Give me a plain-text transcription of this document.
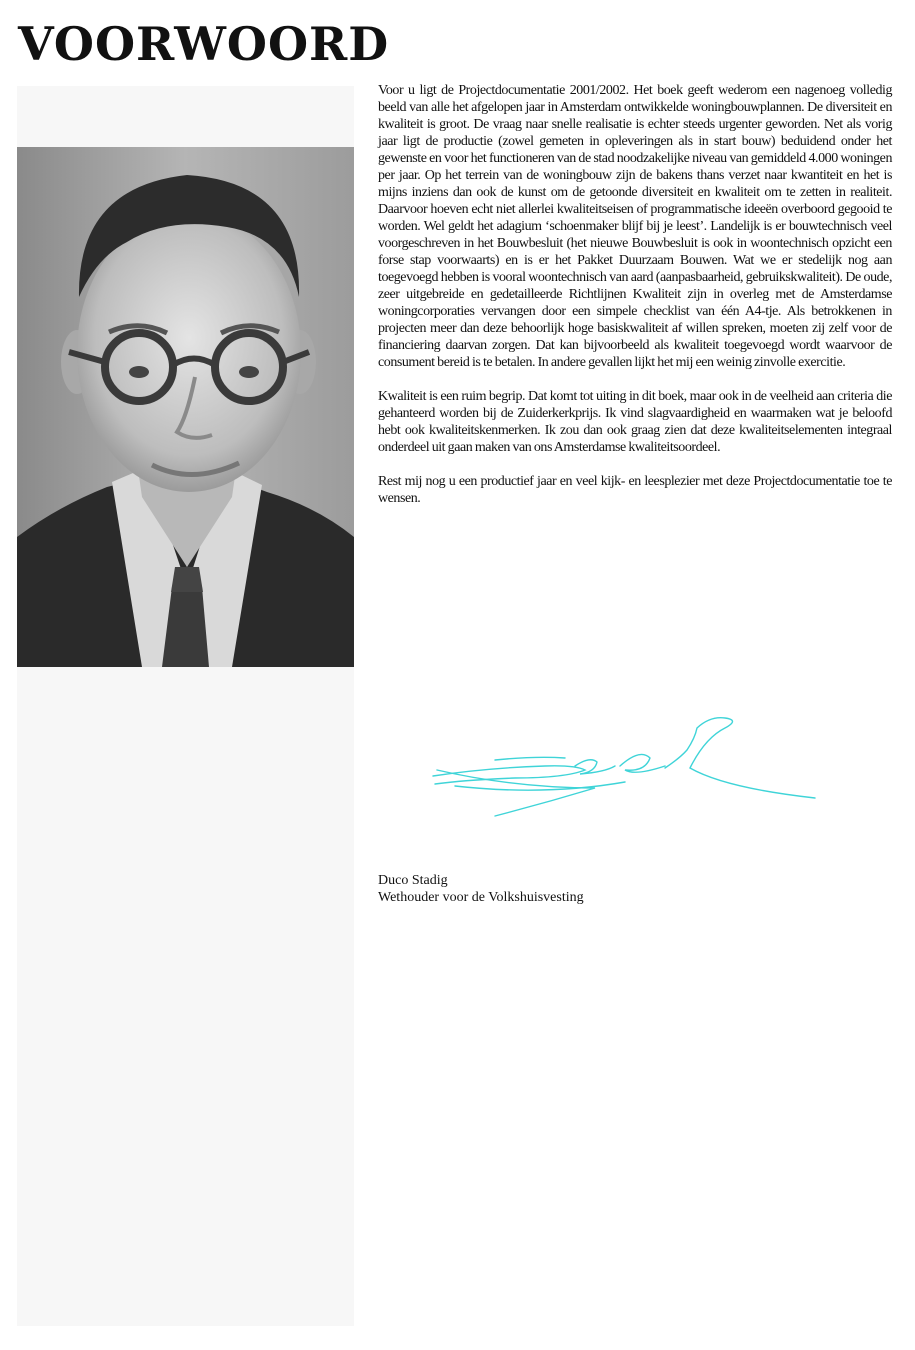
VOORWOORD

Voor u ligt de Projectdocumentatie 2001/2002. Het boek geeft wederom een nagenoeg volledig beeld van alle het afgelopen jaar in Amsterdam ontwikkelde woningbouwplannen. De diversiteit en kwaliteit is groot. De vraag naar snelle realisatie is echter steeds urgenter geworden. Net als vorig jaar ligt de productie (zowel gemeten in opleveringen als in start bouw) beduidend onder het gewenste en voor het functioneren van de stad noodzakelijke niveau van gemiddeld 4.000 woningen per jaar. Op het terrein van de woningbouw zijn de bakens thans verzet naar kwantiteit en het is mijns inziens dan ook de kunst om de getoonde diversiteit en kwaliteit om te zetten in realiteit. Daarvoor hoeven echt niet allerlei kwaliteitseisen of programmatische ideeën overboord gegooid te worden. Wel geldt het adagium ‘schoenmaker blijf bij je leest’. Landelijk is er bouwtechnisch veel voorgeschreven in het Bouwbesluit (het nieuwe Bouwbesluit is ook in woontechnisch opzicht een forse stap voorwaarts) en is er het Pakket Duurzaam Bouwen. Wat we er stedelijk nog aan toegevoegd hebben is vooral woontechnisch van aard (aanpasbaarheid, gebruikskwaliteit). De oude, zeer uitgebreide en gedetailleerde Richtlijnen Kwaliteit zijn in overleg met de Amsterdamse woningcorporaties vervangen door een simpele checklist van één A4-tje. Als betrokkenen in projecten meer dan deze behoorlijk hoge basiskwaliteit af willen spreken, moeten zij zelf voor de financiering daarvan zorgen. Dat kan bijvoorbeeld als kwaliteit toegevoegd wordt waarvoor de consument bereid is te betalen. In andere gevallen lijkt het mij een weinig zinvolle exercitie.

Kwaliteit is een ruim begrip. Dat komt tot uiting in dit boek, maar ook in de veelheid aan criteria die gehanteerd worden bij de Zuiderkerkprijs. Ik vind slagvaardigheid en waarmaken wat je beloofd hebt ook kwaliteitskenmerken. Ik zou dan ook graag zien dat deze kwaliteitselementen integraal onderdeel uit gaan maken van ons Amsterdamse kwaliteitsoordeel.

Rest mij nog u een productief jaar en veel kijk- en leesplezier met deze Projectdocumentatie toe te wensen.

Duco Stadig
Wethouder voor de Volkshuisvesting
